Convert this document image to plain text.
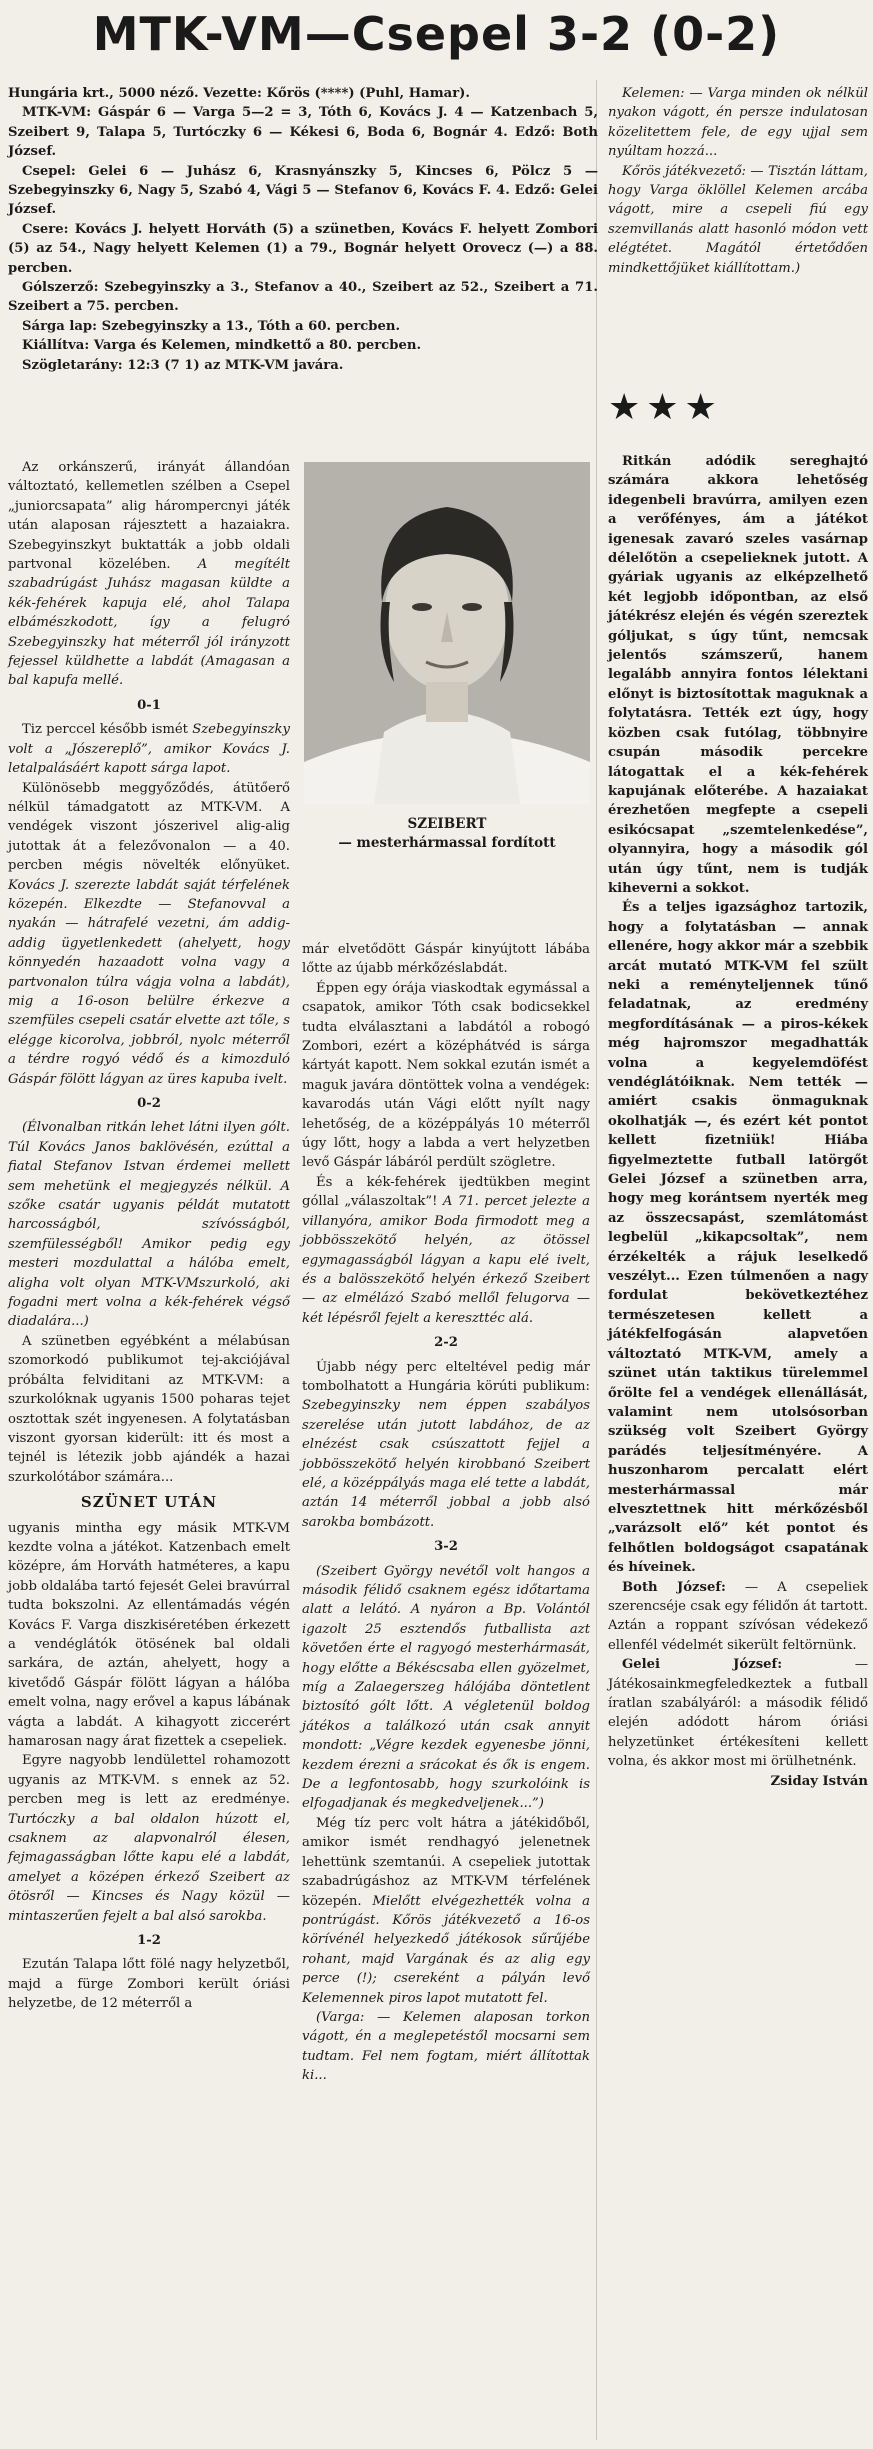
MTK-VM—Csepel 3-2 (0-2)

Hungária krt., 5000 néző. Vezette: Kőrös (****) (Puhl, Hamar).

MTK-VM: Gáspár 6 — Varga 5—2 = 3, Tóth 6, Kovács J. 4 — Katzenbach 5, Szeibert 9, Talapa 5, Turtóczky 6 — Kékesi 6, Boda 6, Bognár 4. Edző: Both József.

Csepel: Gelei 6 — Juhász 6, Krasnyánszky 5, Kincses 6, Pölcz 5 — Szebegyinszky 6, Nagy 5, Szabó 4, Vági 5 — Stefanov 6, Kovács F. 4. Edző: Gelei József.

Csere: Kovács J. helyett Horváth (5) a szünetben, Kovács F. helyett Zombori (5) az 54., Nagy helyett Kelemen (1) a 79., Bognár helyett Orovecz (—) a 88. percben.

Gólszerző: Szebegyinszky a 3., Stefanov a 40., Szeibert az 52., Szeibert a 71. Szeibert a 75. percben.

Sárga lap: Szebegyinszky a 13., Tóth a 60. percben.

Kiállítva: Varga és Kelemen, mindkettő a 80. percben.

Szögletarány: 12:3 (7 1) az MTK-VM javára.

Az orkánszerű, irányát állandóan változtató, kellemetlen szélben a Csepel „juniorcsapata” alig hárompercnyi játék után alaposan rájesztett a hazaiakra. Szebegyinszkyt buktatták a jobb oldali partvonal közelében. A megítélt szabadrúgást Juhász magasan küldte a kék-fehérek kapuja elé, ahol Talapa elbámészkodott, így a felugró Szebegyinszky hat méterről jól irányzott fejessel küldhette a labdát (Amagasan a bal kapufa mellé.

0-1

Tiz perccel később ismét Szebegyinszky volt a „Jószereplő”, amikor Kovács J. letalpalásáért kapott sárga lapot.

Különösebb meggyőződés, átütőerő nélkül támadgatott az MTK-VM. A vendégek viszont jószerivel alig-alig jutottak át a felezővonalon — a 40. percben mégis növelték előnyüket. Kovács J. szerezte labdát saját térfelének közepén. Elkezdte — Stefanovval a nyakán — hátrafelé vezetni, ám addig-addig ügyetlenkedett (ahelyett, hogy könnyedén hazaadott volna vagy a partvonalon túlra vágja volna a labdát), mig a 16-oson belülre érkezve a szemfüles csepeli csatár elvette azt tőle, s elégge kicorolva, jobbról, nyolc méterről a térdre rogyó védő és a kimozduló Gáspár fölött lágyan az üres kapuba ivelt.

0-2

(Élvonalban ritkán lehet látni ilyen gólt. Túl Kovács Janos baklövésén, ezúttal a fiatal Stefanov Istvan érdemei mellett sem mehetünk el megjegyzés nélkül. A szőke csatár ugyanis példát mutatott harcosságból, szívósságból, szemfülességből! Amikor pedig egy mesteri mozdulattal a hálóba emelt, aligha volt olyan MTK-VMszurkoló, aki fogadni mert volna a kék-fehérek végső diadalára...)

A szünetben egyébként a mélabúsan szomorkodó publikumot tej-akciójával próbálta felviditani az MTK-VM: a szurkolóknak ugyanis 1500 poharas tejet osztottak szét ingyenesen. A folytatásban viszont gyorsan kiderült: itt és most a tejnél is létezik jobb ajándék a hazai szurkolótábor számára...

SZÜNET UTÁN

ugyanis mintha egy másik MTK-VM kezdte volna a játékot. Katzenbach emelt középre, ám Horváth hatméteres, a kapu jobb oldalába tartó fejesét Gelei bravúrral tudta bokszolni. Az ellentámadás végén Kovács F. Varga diszkiséretében érkezett a vendéglátók ötösének bal oldali sarkára, de aztán, ahelyett, hogy a kivetődő Gáspár fölött lágyan a hálóba emelt volna, nagy erővel a kapus lábának vágta a labdát. A kihagyott ziccerért hamarosan nagy árat fizettek a csepeliek.

Egyre nagyobb lendülettel rohamozott ugyanis az MTK-VM. s ennek az 52. percben meg is lett az eredménye. Turtóczky a bal oldalon húzott el, csaknem az alapvonalról élesen, fejmagasságban lőtte kapu elé a labdát, amelyet a középen érkező Szeibert az ötösről — Kincses és Nagy közül — mintaszerűen fejelt a bal alsó sarokba.

1-2

Ezután Talapa lőtt fölé nagy helyzetből, majd a fürge Zombori került óriási helyzetbe, de 12 méterről a

SZEIBERT
— mesterhármassal fordított

már elvetődött Gáspár kinyújtott lábába lőtte az újabb mérkőzéslabdát.

Éppen egy órája viaskodtak egymással a csapatok, amikor Tóth csak bodicsekkel tudta elválasztani a labdától a robogó Zombori, ezért a középhátvéd is sárga kártyát kapott. Nem sokkal ezután ismét a maguk javára döntöttek volna a vendégek: kavarodás után Vági előtt nyílt nagy lehetőség, de a középpályás 10 méterről úgy lőtt, hogy a labda a vert helyzetben levő Gáspár lábáról perdült szögletre.

És a kék-fehérek ijedtükben megint góllal „válaszoltak”! A 71. percet jelezte a villanyóra, amikor Boda firmodott meg a jobbösszekötő helyén, az ötössel egymagasságból lágyan a kapu elé ivelt, és a balösszekötő helyén érkező Szeibert — az elmélázó Szabó mellől felugorva — két lépésről fejelt a kereszttéc alá.

2-2

Újabb négy perc elteltével pedig már tombolhatott a Hungária körúti publikum: Szebegyinszky nem éppen szabályos szerelése után jutott labdához, de az elnézést csak csúszattott fejjel a jobbösszekötő helyén kirobbanó Szeibert elé, a középpályás maga elé tette a labdát, aztán 14 méterről jobbal a jobb alsó sarokba bombázott.

3-2

(Szeibert György nevétől volt hangos a második félidő csaknem egész időtartama alatt a lelátó. A nyáron a Bp. Volántól igazolt 25 esztendős futballista azt követően érte el ragyogó mesterhármasát, hogy előtte a Békéscsaba ellen gyözelmet, míg a Zalaegerszeg hálójába döntetlent biztosító gólt lőtt. A végletenül boldog játékos a találkozó után csak annyit mondott: „Végre kezdek egyenesbe jönni, kezdem érezni a srácokat és ők is engem. De a legfontosabb, hogy szurkolóink is elfogadjanak és megkedveljenek...”)

Még tíz perc volt hátra a játékidőből, amikor ismét rendhagyó jelenetnek lehettünk szemtanúi. A csepeliek jutottak szabadrúgáshoz az MTK-VM térfelének közepén. Mielőtt elvégezhették volna a pontrúgást. Kőrös játékvezető a 16-os körívénél helyezkedő játékosok sűrűjébe rohant, majd Vargának és az alig egy perce (!); csereként a pályán levő Kelemennek piros lapot mutatott fel.

(Varga: — Kelemen alaposan torkon vágott, én a meglepetéstől mocsarni sem tudtam. Fel nem fogtam, miért állítottak ki...

Kelemen: — Varga minden ok nélkül nyakon vágott, én persze indulatosan közelitettem fele, de egy ujjal sem nyúltam hozzá...

Kőrös játékvezető: — Tisztán láttam, hogy Varga öklöllel Kelemen arcába vágott, mire a csepeli fiú egy szemvillanás alatt hasonló módon vett elégtétet. Magától értetődően mindkettőjüket kiállítottam.)

★★★

Ritkán adódik sereghajtó számára akkora lehetőség idegenbeli bravúrra, amilyen ezen a verőfényes, ám a játékot igenesak zavaró szeles vasárnap délelőtön a csepelieknek jutott. A gyáriak ugyanis az elképzelhető két legjobb időpontban, az első játékrész elején és végén szereztek góljukat, s úgy tűnt, nemcsak jelentős számszerű, hanem legalább annyira fontos lélektani előnyt is biztosítottak maguknak a folytatásra. Tették ezt úgy, hogy közben csak futólag, többnyire csupán második percekre látogattak el a kék-fehérek kapujának előterébe. A hazaiakat érezhetően megfepte a csepeli esikócsapat „szemtelenkedése”, olyannyira, hogy a második gól után úgy tűnt, nem is tudják kiheverni a sokkot.

És a teljes igazsághoz tartozik, hogy a folytatásban — annak ellenére, hogy akkor már a szebbik arcát mutató MTK-VM fel szült neki a reményteljennek tűnő feladatnak, az eredmény megfordításának — a piros-kékek még hajromszor megadhatták volna a kegyelemdöfést vendéglátóiknak. Nem tették — amiért csakis önmaguknak okolhatják —, és ezért két pontot kellett fizetniük! Hiába figyelmeztette futball latörgőt Gelei József a szünetben arra, hogy meg korántsem nyerték meg az összecsapást, szemlátomást legbelül „kikapcsoltak”, nem érzékelték a rájuk leselkedő veszélyt... Ezen túlmenően a nagy fordulat bekövetkeztéhez természetesen kellett a játékfelfogásán alapvetően változtató MTK-VM, amely a szünet után taktikus türelemmel őrölte fel a vendégek ellenállását, valamint nem utolsósorban szükség volt Szeibert György parádés teljesítményére. A huszonharom percalatt elért mesterhármassal már elvesztettnek hitt mérkőzésből „varázsolt elő” két pontot és felhőtlen boldogságot csapatának és híveinek.

Both József: — A csepeliek szerencséje csak egy félidőn át tartott. Aztán a roppant szívósan védekező ellenfél védelmét sikerült feltörnünk.

Gelei József:	— Játékosainkmegfeledkeztek a futball íratlan szabályáról: a második félidő elején adódott három óriási helyzetünket értékesíteni kellett volna, és akkor most mi örülhetnénk.

Zsiday István
